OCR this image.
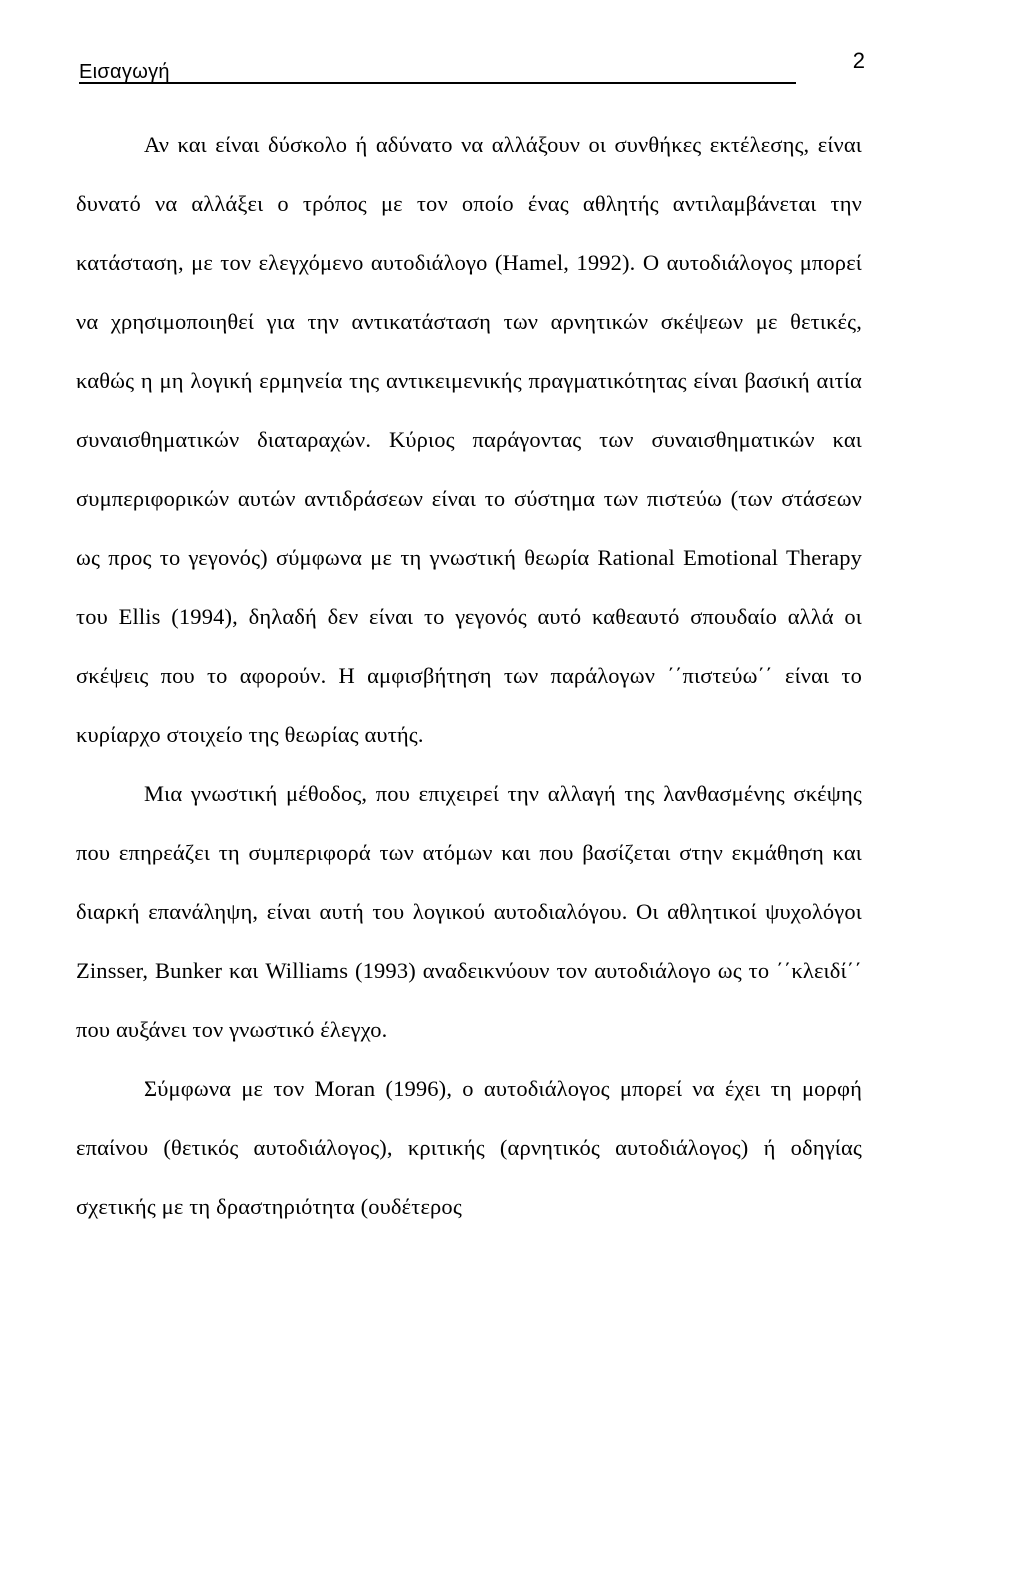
Εισαγωγή	2

Αν και είναι δύσκολο ή αδύνατο να αλλάξουν οι συνθήκες εκτέλεσης, είναι δυνατό να αλλάξει ο τρόπος με τον οποίο ένας αθλητής αντιλαμβάνεται την κατάσταση, με τον ελεγχόμενο αυτοδιάλογο (Hamel, 1992). Ο αυτοδιάλογος μπορεί να χρησιμοποιηθεί για την αντικατάσταση των αρνητικών σκέψεων με θετικές, καθώς η μη λογική ερμηνεία της αντικειμενικής πραγματικότητας είναι βασική αιτία συναισθηματικών διαταραχών. Κύριος παράγοντας των συναισθηματικών και συμπεριφορικών αυτών αντιδράσεων είναι το σύστημα των πιστεύω (των στάσεων ως προς το γεγονός) σύμφωνα με τη γνωστική θεωρία Rational Emotional Therapy του Ellis (1994), δηλαδή δεν είναι το γεγονός αυτό καθεαυτό σπουδαίο αλλά οι σκέψεις που το αφορούν. Η αμφισβήτηση των παράλογων ΄΄πιστεύω΄΄ είναι το κυρίαρχο στοιχείο της θεωρίας αυτής.

Μια γνωστική μέθοδος, που επιχειρεί την αλλαγή της λανθασμένης σκέψης που επηρεάζει τη συμπεριφορά των ατόμων και που βασίζεται στην εκμάθηση και διαρκή επανάληψη, είναι αυτή του λογικού αυτοδιαλόγου. Οι αθλητικοί ψυχολόγοι Zinsser, Bunker και Williams (1993) αναδεικνύουν τον αυτοδιάλογο ως το ΄΄κλειδί΄΄ που αυξάνει τον γνωστικό έλεγχο.

Σύμφωνα με τον Moran (1996), ο αυτοδιάλογος μπορεί να έχει τη μορφή επαίνου (θετικός αυτοδιάλογος), κριτικής (αρνητικός αυτοδιάλογος) ή οδηγίας σχετικής με τη δραστηριότητα (ουδέτερος
